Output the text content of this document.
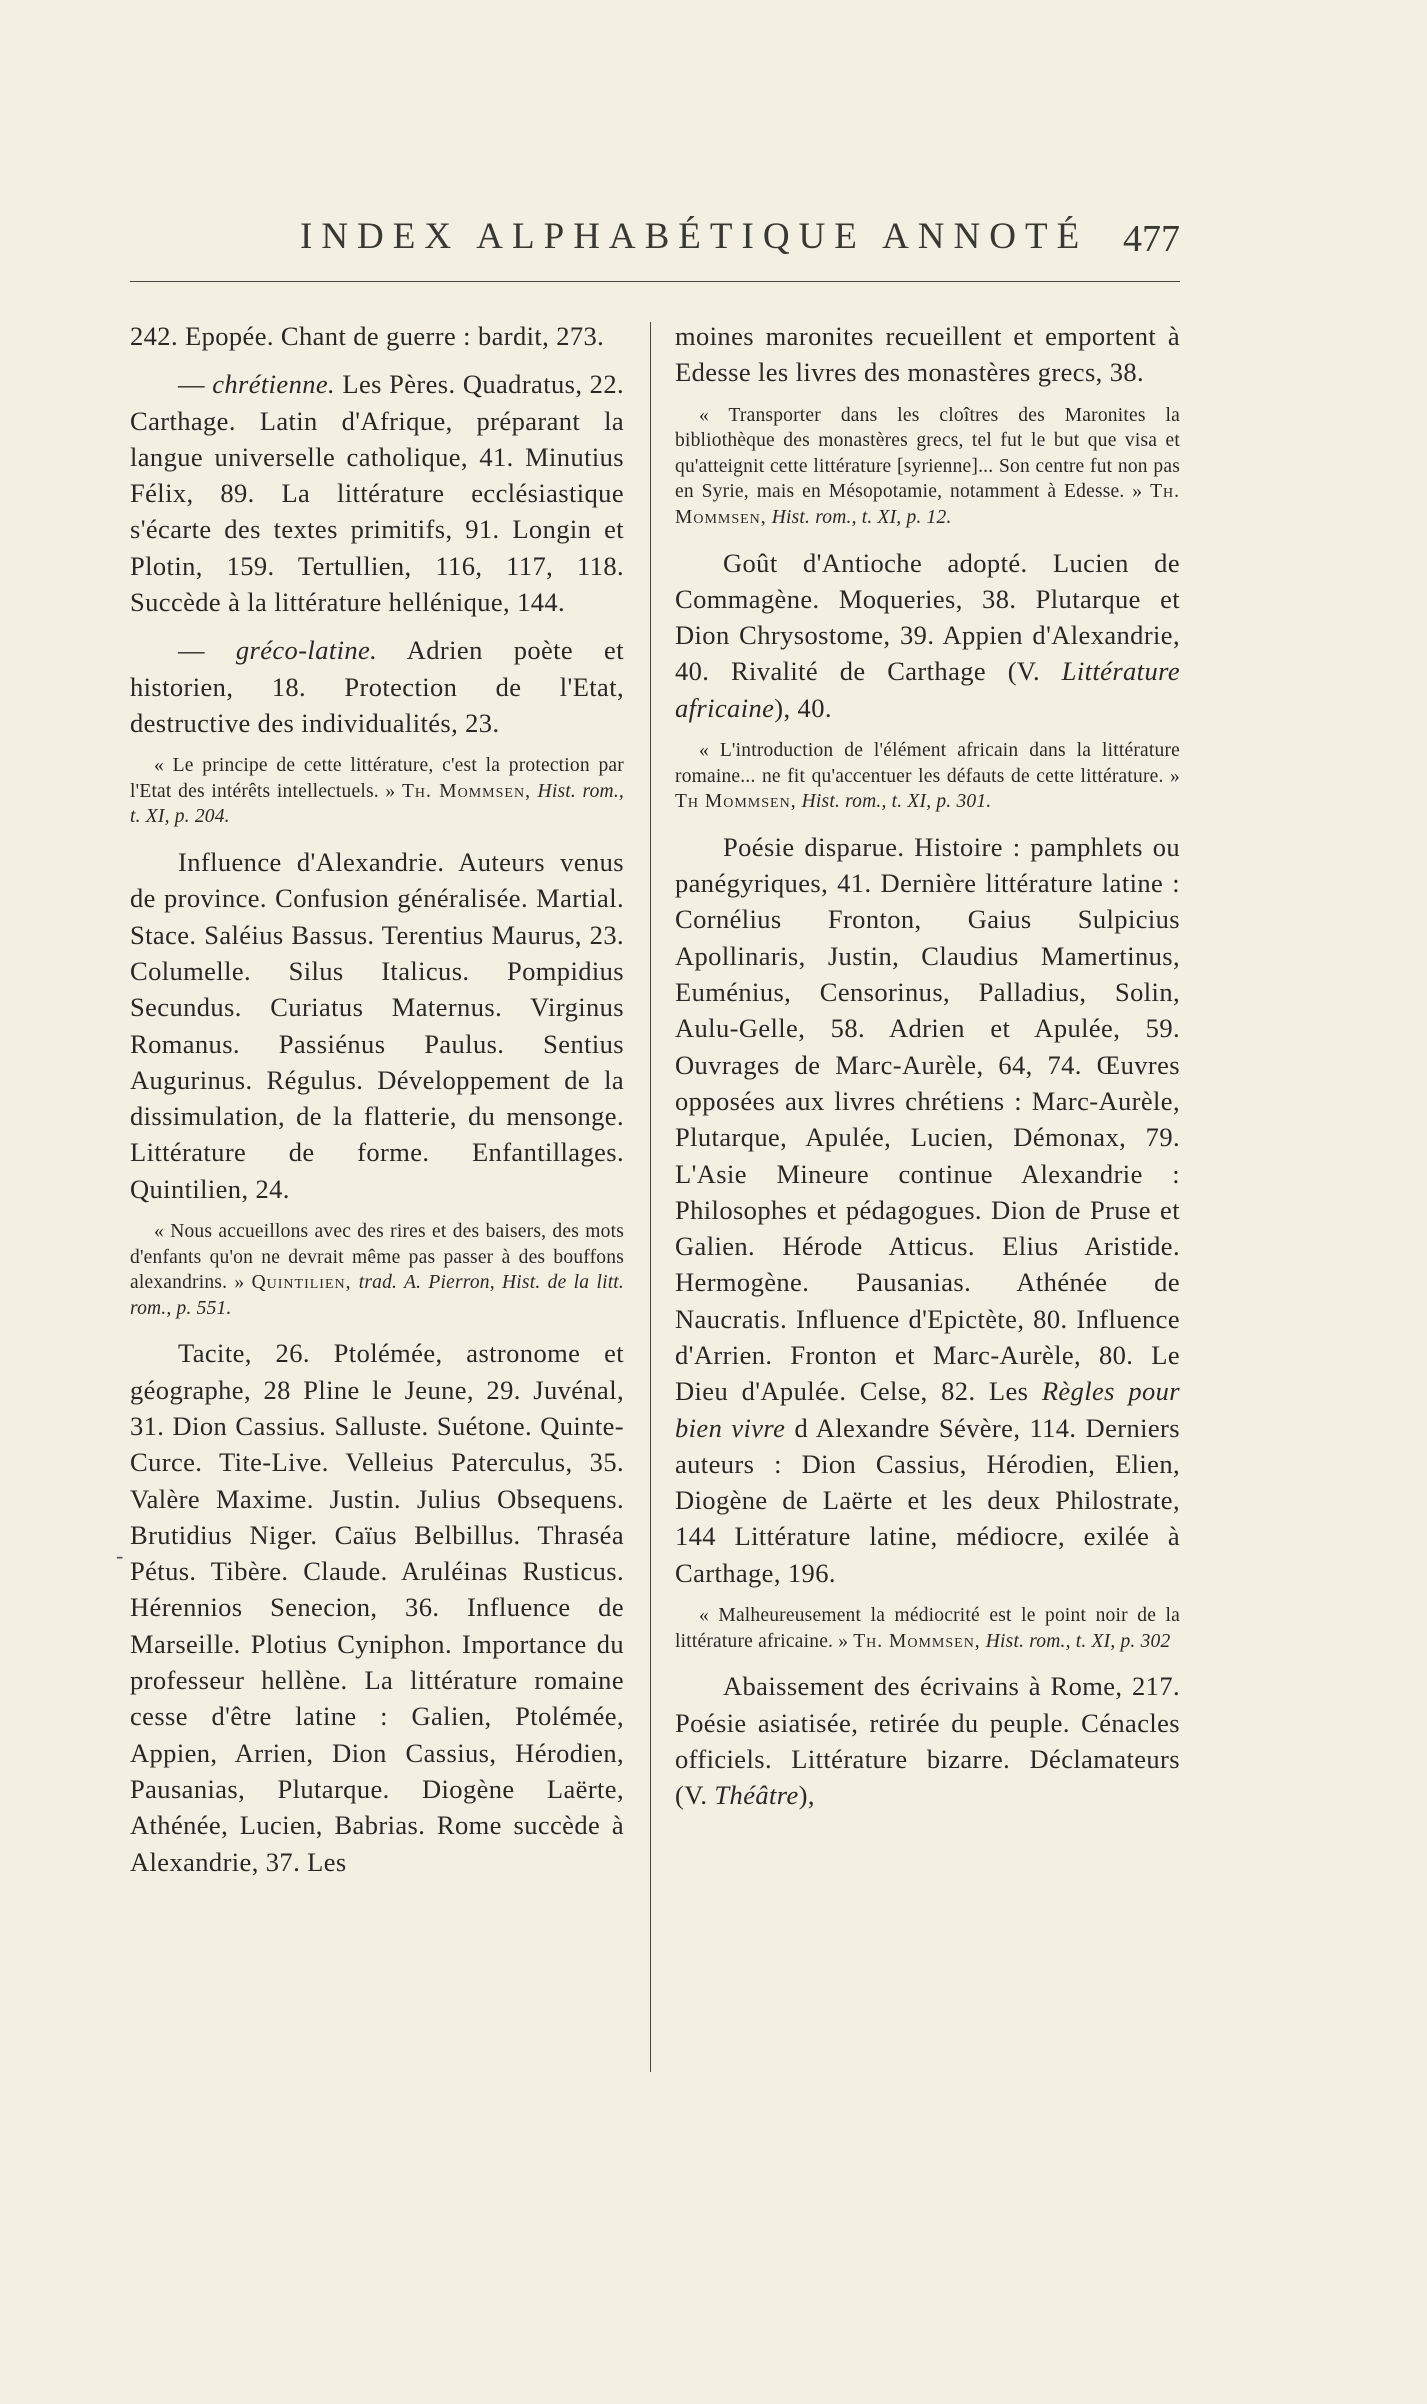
INDEX ALPHABÉTIQUE ANNOTÉ 477
-

242. Epopée. Chant de guerre : bardit, 273.

— chrétienne. Les Pères. Quadratus, 22. Carthage. Latin d'Afrique, préparant la langue universelle catholique, 41. Minutius Félix, 89. La littérature ecclésiastique s'écarte des textes primitifs, 91. Longin et Plotin, 159. Tertullien, 116, 117, 118. Succède à la littérature hellénique, 144.

— gréco-latine. Adrien poète et historien, 18. Protection de l'Etat, destructive des individualités, 23.

« Le principe de cette littérature, c'est la protection par l'Etat des intérêts intellectuels. » Th. Mommsen, Hist. rom., t. XI, p. 204.

Influence d'Alexandrie. Auteurs venus de province. Confusion généralisée. Martial. Stace. Saléius Bassus. Terentius Maurus, 23. Columelle. Silus Italicus. Pompidius Secundus. Curiatus Maternus. Virginus Romanus. Passiénus Paulus. Sentius Augurinus. Régulus. Développement de la dissimulation, de la flatterie, du mensonge. Littérature de forme. Enfantillages. Quintilien, 24.

« Nous accueillons avec des rires et des baisers, des mots d'enfants qu'on ne devrait même pas passer à des bouffons alexandrins. » Quintilien, trad. A. Pierron, Hist. de la litt. rom., p. 551.

Tacite, 26. Ptolémée, astronome et géographe, 28 Pline le Jeune, 29. Juvénal, 31. Dion Cassius. Salluste. Suétone. Quinte-Curce. Tite-Live. Velleius Paterculus, 35. Valère Maxime. Justin. Julius Obsequens. Brutidius Niger. Caïus Belbillus. Thraséa Pétus. Tibère. Claude. Aruléinas Rusticus. Hérennios Senecion, 36. Influence de Marseille. Plotius Cyniphon. Importance du professeur hellène. La littérature romaine cesse d'être latine : Galien, Ptolémée, Appien, Arrien, Dion Cassius, Hérodien, Pausanias, Plutarque. Diogène Laërte, Athénée, Lucien, Babrias. Rome succède à Alexandrie, 37. Les

moines maronites recueillent et emportent à Edesse les livres des monastères grecs, 38.

« Transporter dans les cloîtres des Maronites la bibliothèque des monastères grecs, tel fut le but que visa et qu'atteignit cette littérature [syrienne]... Son centre fut non pas en Syrie, mais en Mésopotamie, notamment à Edesse. » Th. Mommsen, Hist. rom., t. XI, p. 12.

Goût d'Antioche adopté. Lucien de Commagène. Moqueries, 38. Plutarque et Dion Chrysostome, 39. Appien d'Alexandrie, 40. Rivalité de Carthage (V. Littérature africaine), 40.

« L'introduction de l'élément africain dans la littérature romaine... ne fit qu'accentuer les défauts de cette littérature. » Th Mommsen, Hist. rom., t. XI, p. 301.

Poésie disparue. Histoire : pamphlets ou panégyriques, 41. Dernière littérature latine : Cornélius Fronton, Gaius Sulpicius Apollinaris, Justin, Claudius Mamertinus, Euménius, Censorinus, Palladius, Solin, Aulu-Gelle, 58. Adrien et Apulée, 59. Ouvrages de Marc-Aurèle, 64, 74. Œuvres opposées aux livres chrétiens : Marc-Aurèle, Plutarque, Apulée, Lucien, Démonax, 79. L'Asie Mineure continue Alexandrie : Philosophes et pédagogues. Dion de Pruse et Galien. Hérode Atticus. Elius Aristide. Hermogène. Pausanias. Athénée de Naucratis. Influence d'Epictète, 80. Influence d'Arrien. Fronton et Marc-Aurèle, 80. Le Dieu d'Apulée. Celse, 82. Les Règles pour bien vivre d Alexandre Sévère, 114. Derniers auteurs : Dion Cassius, Hérodien, Elien, Diogène de Laërte et les deux Philostrate, 144 Littérature latine, médiocre, exilée à Carthage, 196.

« Malheureusement la médiocrité est le point noir de la littérature africaine. » Th. Mommsen, Hist. rom., t. XI, p. 302

Abaissement des écrivains à Rome, 217. Poésie asiatisée, retirée du peuple. Cénacles officiels. Littérature bizarre. Déclamateurs (V. Théâtre),
